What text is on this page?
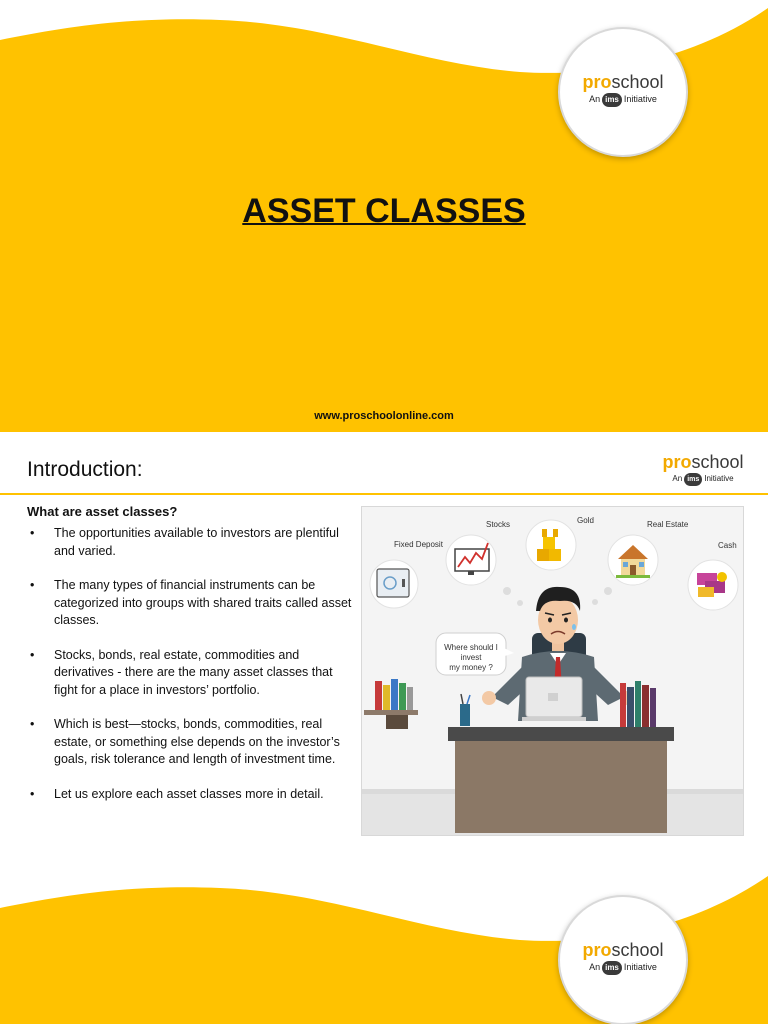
proschool
An ims Initiative
ASSET CLASSES
www.proschoolonline.com
Introduction:	proschool
An ims Initiative
What are asset classes?
• The opportunities available to investors are plentiful and varied.
• The many types of financial instruments can be categorized into groups with shared traits called asset classes.
• Stocks, bonds, real estate, commodities and derivatives - there are the many asset classes that fight for a place in investors’ portfolio.
• Which is best—stocks, bonds, commodities, real estate, or something else depends on the investor’s goals, risk tolerance and length of investment time.
• Let us explore each asset classes more in detail.
Fixed Deposit
Stocks	Gold	Real Estate
Cash
Where should I
invest
my money ?
proschool
An ims Initiative
